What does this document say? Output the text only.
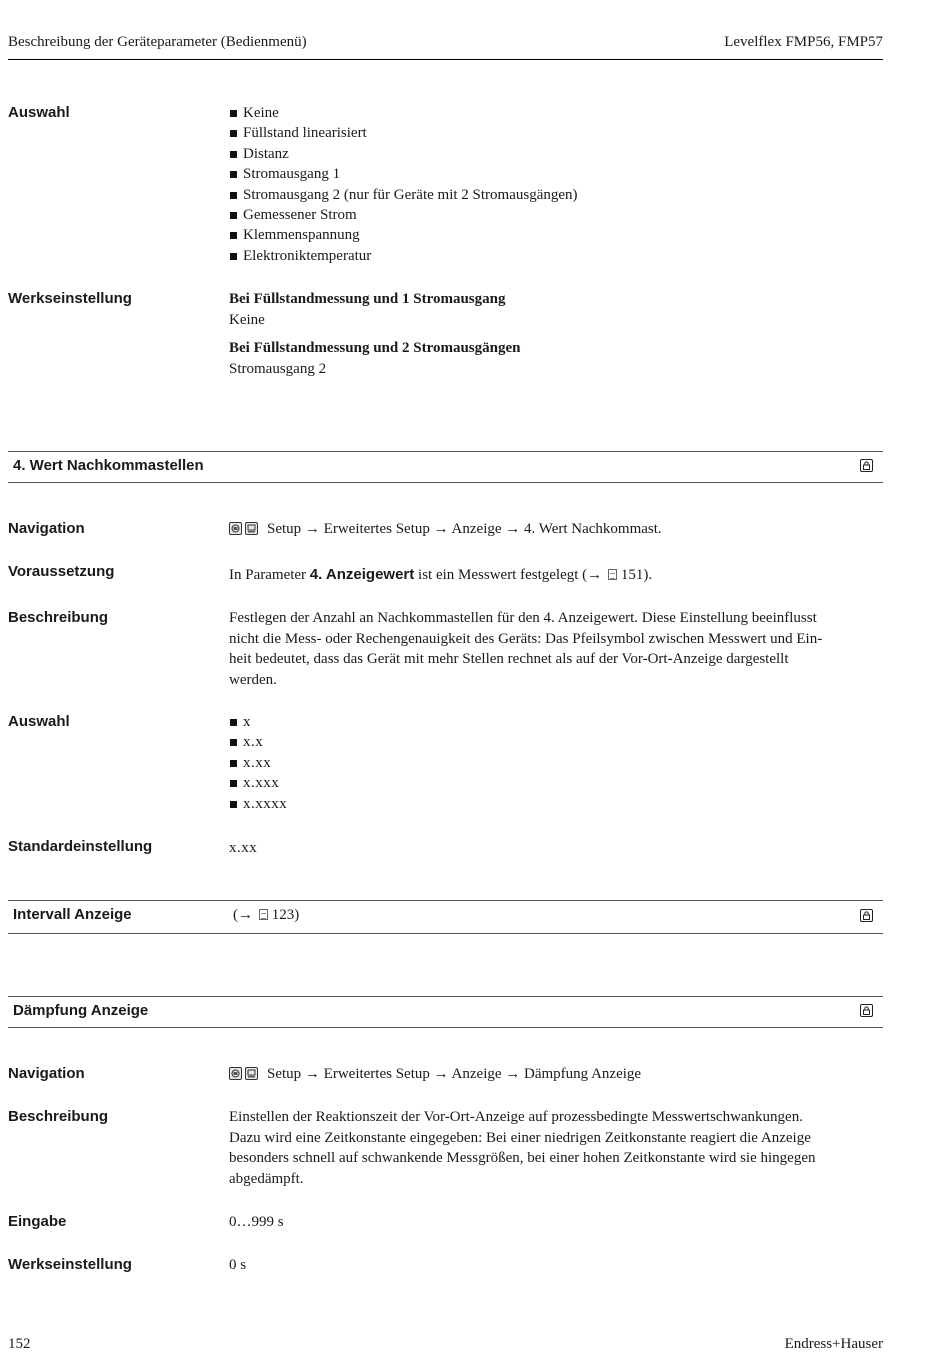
Beschreibung der Geräteparameter (Bedienmenü)	Levelflex FMP56, FMP57
Auswahl	Keine
Füllstand linearisiert
Distanz
Stromausgang 1
Stromausgang 2 (nur für Geräte mit 2 Stromausgängen)
Gemessener Strom
Klemmenspannung
Elektroniktemperatur
Werkseinstellung	Bei Füllstandmessung und 1 Stromausgang
Keine
Bei Füllstandmessung und 2 Stromausgängen
Stromausgang 2
4. Wert Nachkommastellen
Navigation	Setup → Erweitertes Setup → Anzeige → 4. Wert Nachkommast.
Voraussetzung	In Parameter 4. Anzeigewert ist ein Messwert festgelegt (→ 151).
Beschreibung	Festlegen der Anzahl an Nachkommastellen für den 4. Anzeigewert. Diese Einstellung beeinflusst
nicht die Mess- oder Rechengenauigkeit des Geräts: Das Pfeilsymbol zwischen Messwert und Ein-
heit bedeutet, dass das Gerät mit mehr Stellen rechnet als auf der Vor-Ort-Anzeige dargestellt
werden.
Auswahl	x
x.x
x.xx
x.xxx
x.xxxx
Standardeinstellung	x.xx
Intervall Anzeige	(→ 123)
Dämpfung Anzeige
Navigation	Setup → Erweitertes Setup → Anzeige → Dämpfung Anzeige
Beschreibung	Einstellen der Reaktionszeit der Vor-Ort-Anzeige auf prozessbedingte Messwertschwankungen.
Dazu wird eine Zeitkonstante eingegeben: Bei einer niedrigen Zeitkonstante reagiert die Anzeige
besonders schnell auf schwankende Messgrößen, bei einer hohen Zeitkonstante wird sie hingegen
abgedämpft.
Eingabe	0…999 s
Werkseinstellung	0 s
152	Endress+Hauser
